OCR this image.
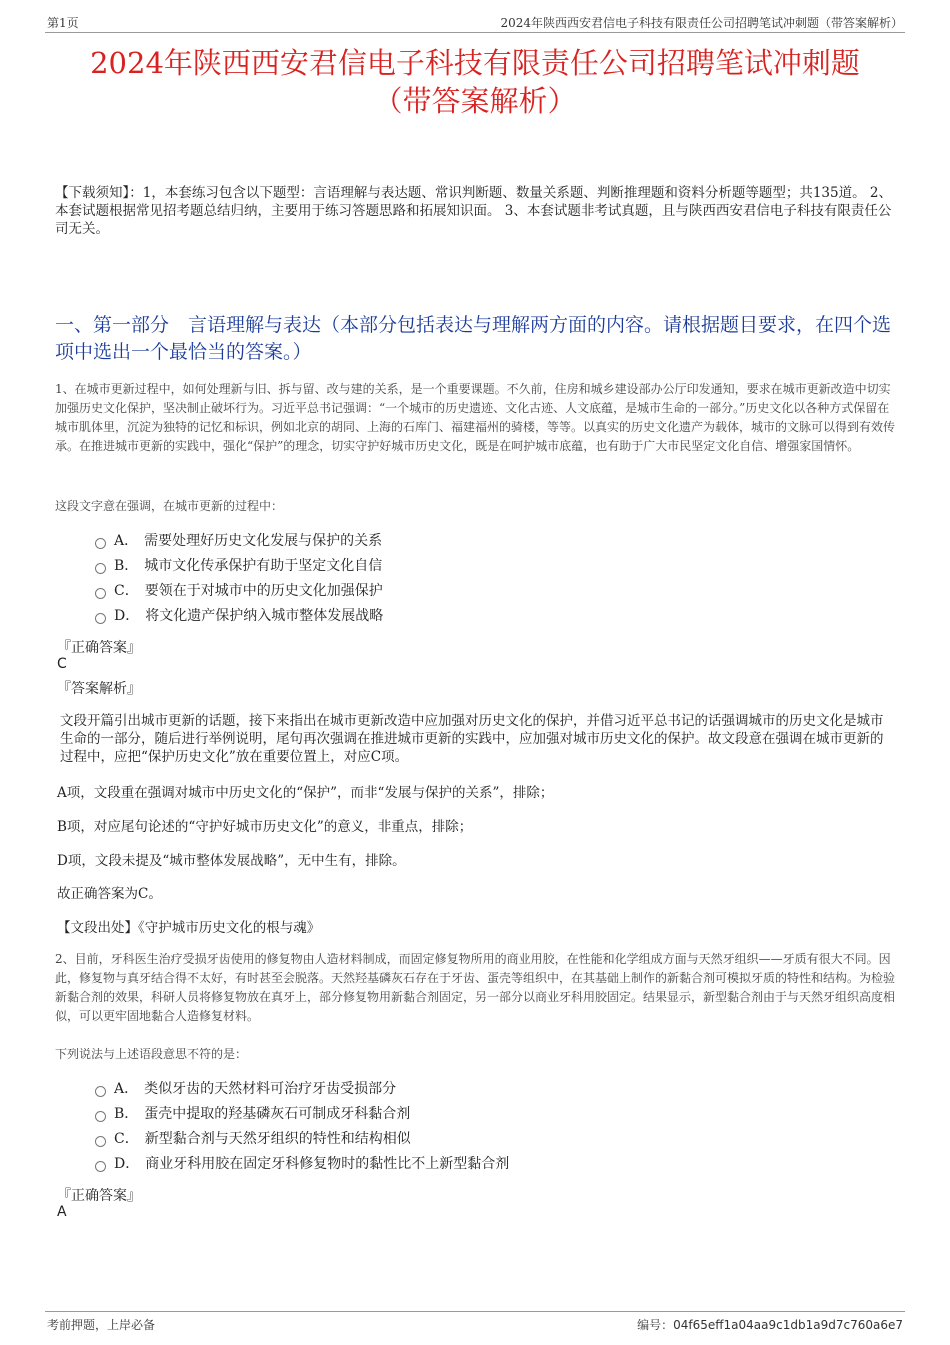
第1页	2024年陕西西安君信电子科技有限责任公司招聘笔试冲刺题（带答案解析）
2024年陕西西安君信电子科技有限责任公司招聘笔试冲刺题
（带答案解析）
【下载须知】：1，本套练习包含以下题型：言语理解与表达题、常识判断题、数量关系题、判断推理题和资料分析题等题型；共135道。 2、本套试题根据常见招考题总结归纳，主要用于练习答题思路和拓展知识面。 3、本套试题非考试真题，且与陕西西安君信电子科技有限责任公司无关。
一、第一部分　言语理解与表达（本部分包括表达与理解两方面的内容。请根据题目要求，在四个选项中选出一个最恰当的答案。）
1、在城市更新过程中，如何处理新与旧、拆与留、改与建的关系，是一个重要课题。不久前，住房和城乡建设部办公厅印发通知，要求在城市更新改造中切实加强历史文化保护，坚决制止破坏行为。习近平总书记强调：“一个城市的历史遗迹、文化古迹、人文底蕴，是城市生命的一部分。”历史文化以各种方式保留在城市肌体里，沉淀为独特的记忆和标识，例如北京的胡同、上海的石库门、福建福州的骑楼，等等。以真实的历史文化遗产为载体，城市的文脉可以得到有效传承。在推进城市更新的实践中，强化“保护”的理念，切实守护好城市历史文化，既是在呵护城市底蕴，也有助于广大市民坚定文化自信、增强家国情怀。
这段文字意在强调，在城市更新的过程中：
A． 需要处理好历史文化发展与保护的关系
B． 城市文化传承保护有助于坚定文化自信
C． 要领在于对城市中的历史文化加强保护
D． 将文化遗产保护纳入城市整体发展战略
『正确答案』
C
『答案解析』
文段开篇引出城市更新的话题，接下来指出在城市更新改造中应加强对历史文化的保护，并借习近平总书记的话强调城市的历史文化是城市生命的一部分，随后进行举例说明，尾句再次强调在推进城市更新的实践中，应加强对城市历史文化的保护。故文段意在强调在城市更新的过程中，应把“保护历史文化”放在重要位置上，对应C项。
A项，文段重在强调对城市中历史文化的“保护”，而非“发展与保护的关系”，排除；
B项，对应尾句论述的“守护好城市历史文化”的意义，非重点，排除；
D项，文段未提及“城市整体发展战略”，无中生有，排除。
故正确答案为C。
【文段出处】《守护城市历史文化的根与魂》
2、目前，牙科医生治疗受损牙齿使用的修复物由人造材料制成，而固定修复物所用的商业用胶，在性能和化学组成方面与天然牙组织——牙质有很大不同。因此，修复物与真牙结合得不太好，有时甚至会脱落。天然羟基磷灰石存在于牙齿、蛋壳等组织中，在其基础上制作的新黏合剂可模拟牙质的特性和结构。为检验新黏合剂的效果，科研人员将修复物放在真牙上，部分修复物用新黏合剂固定，另一部分以商业牙科用胶固定。结果显示，新型黏合剂由于与天然牙组织高度相似，可以更牢固地黏合人造修复材料。
下列说法与上述语段意思不符的是：
A． 类似牙齿的天然材料可治疗牙齿受损部分
B． 蛋壳中提取的羟基磷灰石可制成牙科黏合剂
C． 新型黏合剂与天然牙组织的特性和结构相似
D． 商业牙科用胶在固定牙科修复物时的黏性比不上新型黏合剂
『正确答案』
A
考前押题，上岸必备	编号：04f65eff1a04aa9c1db1a9d7c760a6e7
